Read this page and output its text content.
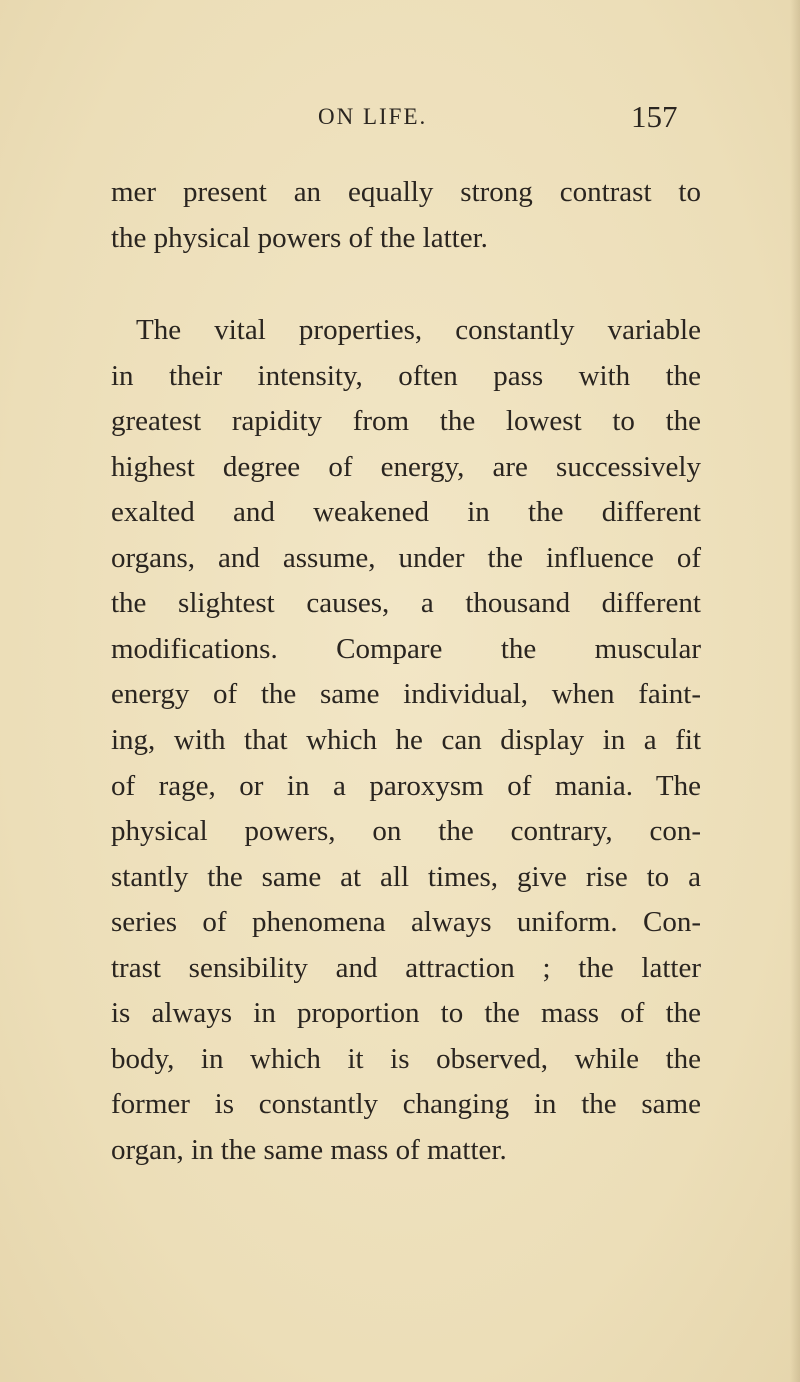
ON LIFE.	157
mer present an equally strong contrast to
the physical powers of the latter.
The vital properties, constantly variable
in their intensity, often pass with the
greatest rapidity from the lowest to the
highest degree of energy, are successively
exalted and weakened in the different
organs, and assume, under the influence of
the slightest causes, a thousand different
modifications. Compare the muscular
energy of the same individual, when faint-
ing, with that which he can display in a fit
of rage, or in a paroxysm of mania. The
physical powers, on the contrary, con-
stantly the same at all times, give rise to a
series of phenomena always uniform. Con-
trast sensibility and attraction ; the latter
is always in proportion to the mass of the
body, in which it is observed, while the
former is constantly changing in the same
organ, in the same mass of matter.
